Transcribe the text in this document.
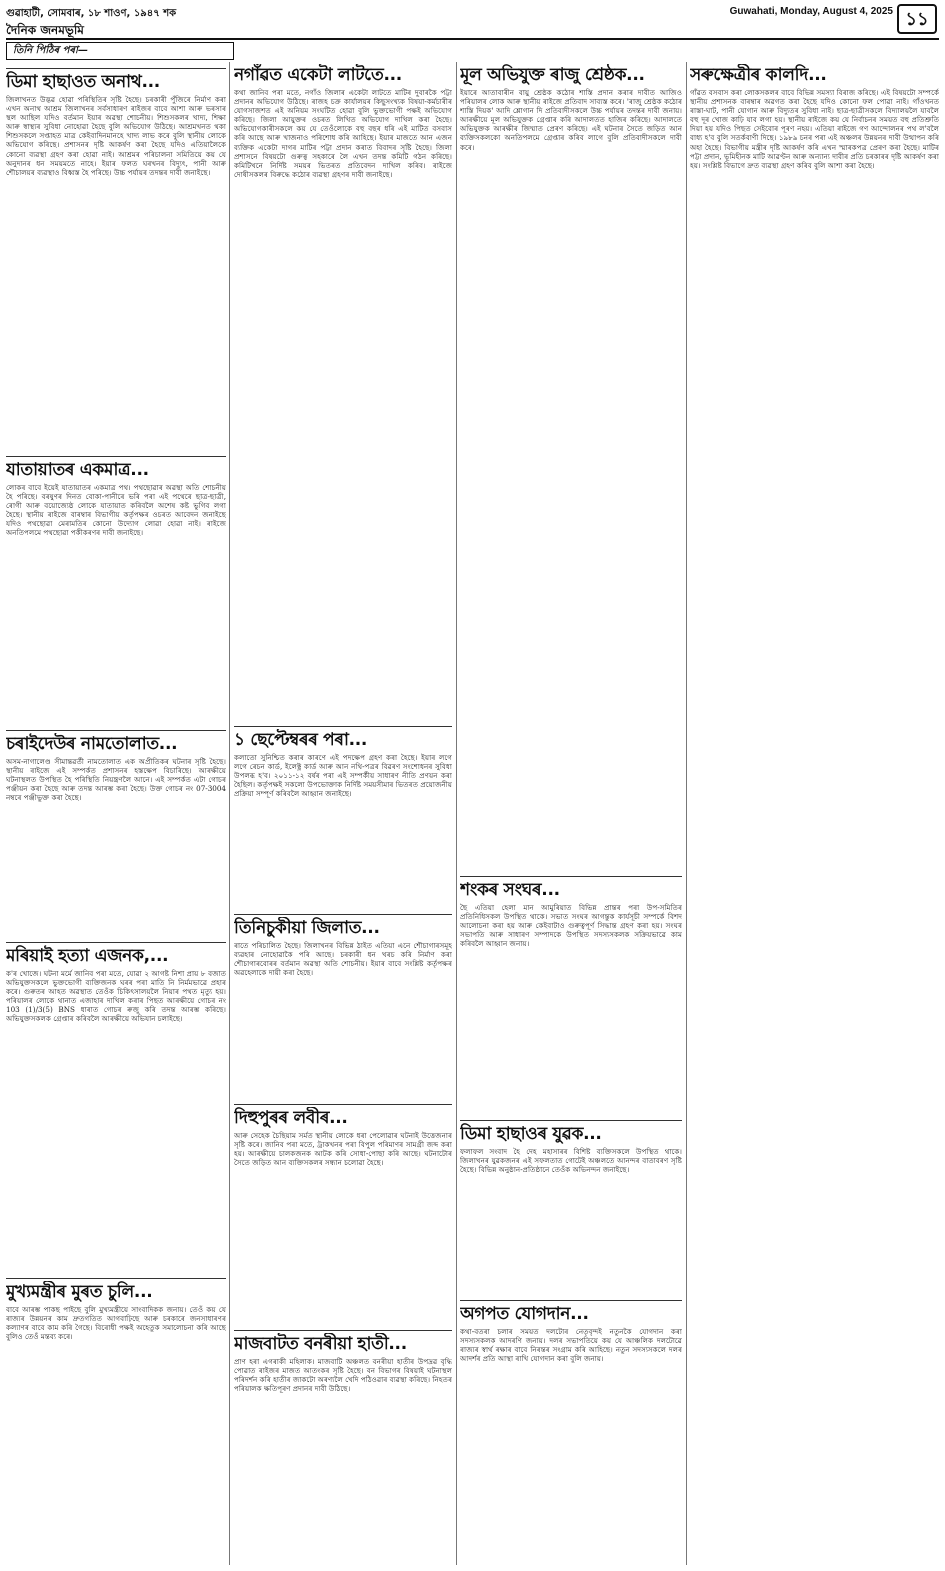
গুৱাহাটী, সোমবাৰ, ১৮ শাওণ, ১৯৪৭ শক
দৈনিক জনমভূমি
Guwahati, Monday, August 4, 2025 ১১
তিনি পিঠিৰ পৰা—
ডিমা হাছাওত অনাথ...

জিলাখনত উদ্ভৱ হোৱা পৰিস্থিতিৰ সৃষ্টি হৈছে। চৰকাৰী পুঁজিৰে নিৰ্মাণ কৰা এখন অনাথ আশ্ৰম জিলাখনৰ সৰ্বসাধাৰণ ৰাইজৰ বাবে আশা আৰু ভৰসাৰ স্থল আছিল যদিও বৰ্তমান ইয়াৰ অৱস্থা শোচনীয়। শিশুসকলৰ খাদ্য, শিক্ষা আৰু স্বাস্থ্যৰ সুবিধা নোহোৱা হৈছে বুলি অভিযোগ উঠিছে। আশ্ৰমখনত থকা শিশুসকলে সপ্তাহত মাত্ৰ কেইবাদিনমানহে খাদ্য লাভ কৰে বুলি স্থানীয় লোকে অভিযোগ কৰিছে। প্ৰশাসনৰ দৃষ্টি আকৰ্ষণ কৰা হৈছে যদিও এতিয়ালৈকে কোনো ব্যৱস্থা গ্ৰহণ কৰা হোৱা নাই। আশ্ৰমৰ পৰিচালনা সমিতিয়ে কয় যে অনুদানৰ ধন সময়মতে নাহে। ইয়াৰ ফলত ঘৰখনৰ বিদ্যুৎ, পানী আৰু শৌচালয়ৰ ব্যৱস্থাও বিধ্বস্ত হৈ পৰিছে। উচ্চ পৰ্যায়ৰ তদন্তৰ দাবী জনাইছে।

যাতায়াতৰ একমাত্ৰ...

লোকৰ বাবে ইয়েই যাতায়াতৰ একমাত্ৰ পথ। পথছোৱাৰ অৱস্থা অতি শোচনীয় হৈ পৰিছে। বৰষুণৰ দিনত বোকা-পানীৰে ভৰি পৰা এই পথেৰে ছাত্ৰ-ছাত্ৰী, ৰোগী আৰু বয়োজ্যেষ্ঠ লোকে যাতায়াত কৰিবলৈ অশেষ কষ্ট ভুগিব লগা হৈছে। স্থানীয় ৰাইজে বাৰম্বাৰ বিভাগীয় কৰ্তৃপক্ষৰ ওচৰত আবেদন জনাইছে যদিও পথছোৱা মেৰামতিৰ কোনো উদ্যোগ লোৱা হোৱা নাই। ৰাইজে অনতিপলমে পথছোৱা পকীকৰণৰ দাবী জনাইছে।

চৰাইদেউৰ নামতোলাত...

অসম-নাগালেণ্ড সীমান্তৱৰ্তী নামতোলাত এক অপ্ৰীতিকৰ ঘটনাৰ সৃষ্টি হৈছে। স্থানীয় ৰাইজে এই সম্পৰ্কত প্ৰশাসনৰ হস্তক্ষেপ বিচাৰিছে। আৰক্ষীয়ে ঘটনাস্থলত উপস্থিত হৈ পৰিস্থিতি নিয়ন্ত্ৰণলৈ আনে। এই সম্পৰ্কত এটা গোচৰ পঞ্জীয়ন কৰা হৈছে আৰু তদন্ত আৰম্ভ কৰা হৈছে। উক্ত গোচৰ নং 07-3004 নম্বৰে পঞ্জীভুক্ত কৰা হৈছে।

মৰিয়াই হত্যা এজনক,...

ক'ৰ খোজে। ঘটনা মৰ্মে জানিব পৰা মতে, যোৱা ২ আগষ্ট নিশা প্ৰায় ৮ বজাত অভিযুক্তসকলে ভুক্তভোগী ব্যক্তিজনক ঘৰৰ পৰা মাতি নি নিৰ্মমভাৱে প্ৰহাৰ কৰে। গুৰুতৰ আহত অৱস্থাত তেওঁক চিকিৎসালয়লৈ নিয়াৰ পথত মৃত্যু হয়। পৰিয়ালৰ লোকে থানাত এজাহাৰ দাখিল কৰাৰ পিছত আৰক্ষীয়ে গোচৰ নং 103 (1)/3(5) BNS ধাৰাত গোচৰ ৰুজু কৰি তদন্ত আৰম্ভ কৰিছে। অভিযুক্তসকলক গ্ৰেপ্তাৰ কৰিবলৈ আৰক্ষীয়ে অভিযান চলাইছে।

মুখ্যমন্ত্ৰীৰ মুৰত চুলি...

বাবে আৰম্ভ পাকছ পাইছে বুলি মুখ্যমন্ত্ৰীয়ে সাংবাদিকক জনায়। তেওঁ কয় যে ৰাজ্যৰ উন্নয়নৰ কাম দ্ৰুতগতিত আগবাঢ়িছে আৰু চৰকাৰে জনসাধাৰণৰ কল্যাণৰ বাবে কাম কৰি গৈছে। বিৰোধী পক্ষই অহেতুক সমালোচনা কৰি আছে বুলিও তেওঁ মন্তব্য কৰে।

নগাঁৱত একেটা লাটতে...

কথা জানিব পৰা মতে, নগাঁও জিলাৰ একেটা লাটতে মাটিৰ দুবাৰকৈ পট্টা প্ৰদানৰ অভিযোগ উঠিছে। ৰাজহ চক্ৰ কাৰ্যালয়ৰ কিছুসংখ্যক বিষয়া-কৰ্মচাৰীৰ যোগসাজশত এই অনিয়ম সংঘটিত হোৱা বুলি ভুক্তভোগী পক্ষই অভিযোগ কৰিছে। জিলা আয়ুক্তৰ ওচৰত লিখিত অভিযোগ দাখিল কৰা হৈছে। অভিযোগকাৰীসকলে কয় যে তেওঁলোকে বহু বছৰ ধৰি এই মাটিত বসবাস কৰি আছে আৰু খাজনাও পৰিশোধ কৰি আহিছে। ইয়াৰ মাজতে আন এজন ব্যক্তিক একেটা দাগৰ মাটিৰ পট্টা প্ৰদান কৰাত বিবাদৰ সৃষ্টি হৈছে। জিলা প্ৰশাসনে বিষয়টো গুৰুত্ব সহকাৰে লৈ এখন তদন্ত কমিটি গঠন কৰিছে। কমিটিখনে নিৰ্দিষ্ট সময়ৰ ভিতৰত প্ৰতিবেদন দাখিল কৰিব। ৰাইজে দোষীসকলৰ বিৰুদ্ধে কঠোৰ ব্যৱস্থা গ্ৰহণৰ দাবী জনাইছে।

১ ছেপ্টেম্বৰৰ পৰা...

কলাতো সুনিশ্চিত কৰাৰ কাৰণে এই পদক্ষেপ গ্ৰহণ কৰা হৈছে। ইয়াৰ লগে লগে ৰেচন কাৰ্ড, ইলেক্ট্ৰ কাৰ্ড আৰু আন নথি-পত্ৰৰ বিৱৰণ সংশোধনৰ সুবিধা উপলব্ধ হ'ব। ২০১১-১২ বৰ্ষৰ পৰা এই সম্পৰ্কীয় সাধাৰণ নীতি প্ৰণয়ন কৰা হৈছিল। কৰ্তৃপক্ষই সকলো উপভোক্তাক নিৰ্দিষ্ট সময়সীমাৰ ভিতৰত প্ৰয়োজনীয় প্ৰক্ৰিয়া সম্পূৰ্ণ কৰিবলৈ আহ্বান জনাইছে।

তিনিচুকীয়া জিলাত...

ৰাতে পৰিচালিত হৈছে। জিলাখনৰ বিভিন্ন ঠাইত এতিয়া এনে শৌচাগাৰসমূহ ব্যৱহাৰ নোহোৱাকৈ পৰি আছে। চৰকাৰী ধন খৰচ কৰি নিৰ্মাণ কৰা শৌচাগাৰবোৰৰ বৰ্তমান অৱস্থা অতি শোচনীয়। ইয়াৰ বাবে সংশ্লিষ্ট কৰ্তৃপক্ষৰ অৱহেলাকে দায়ী কৰা হৈছে।

দিহুপুৰৰ লবীৰ...

আৰু সেহেক চৈছিয়াম সৰ্মত স্থানীয় লোকে ধৰা পেলোৱাৰ ঘটনাই উত্তেজনাৰ সৃষ্টি কৰে। জানিব পৰা মতে, ট্ৰাকখনৰ পৰা বিপুল পৰিমাণৰ সামগ্ৰী জব্দ কৰা হয়। আৰক্ষীয়ে চালকজনক আটক কৰি সোধা-পোছা কৰি আছে। ঘটনাটোৰ সৈতে জড়িত আন ব্যক্তিসকলৰ সন্ধান চলোৱা হৈছে।

মাজবাটত বনৰীয়া হাতী...

প্ৰাণ হৰা এগৰাকী মহিলাক। মাজবাটি অঞ্চলত বনৰীয়া হাতীৰ উপদ্ৰৱ বৃদ্ধি পোৱাত ৰাইজৰ মাজত আতংকৰ সৃষ্টি হৈছে। বন বিভাগৰ বিষয়াই ঘটনাস্থল পৰিদৰ্শন কৰি হাতীৰ জাকটো অৰণ্যলৈ খেদি পঠিওৱাৰ ব্যৱস্থা কৰিছে। নিহতৰ পৰিয়ালক ক্ষতিপূৰণ প্ৰদানৰ দাবী উঠিছে।

মূল অভিযুক্ত ৰাজু শ্ৰেষ্ঠক...

ইয়াৰে আতাবাৰীন বায়ু শ্ৰেষ্ঠক কঠোৰ শাস্তি প্ৰদান কৰাৰ দাবীত আজিও পৰিয়ালৰ লোক আৰু স্থানীয় ৰাইজে প্ৰতিবাদ সাব্যস্ত কৰে। 'ৰাজু শ্ৰেষ্ঠক কঠোৰ শাস্তি দিয়ক' আদি শ্লোগান দি প্ৰতিবাদীসকলে উচ্চ পৰ্যায়ৰ তদন্তৰ দাবী জনায়। আৰক্ষীয়ে মূল অভিযুক্তক গ্ৰেপ্তাৰ কৰি আদালতত হাজিৰ কৰিছে। আদালতে অভিযুক্তক আৰক্ষীৰ জিম্মাত প্ৰেৰণ কৰিছে। এই ঘটনাৰ সৈতে জড়িত আন ব্যক্তিসকলকো অনতিপলমে গ্ৰেপ্তাৰ কৰিব লাগে বুলি প্ৰতিবাদীসকলে দাবী কৰে।

শংকৰ সংঘৰ...

ছৈ এতিয়া হেলা মান আমুৰিয়াত বিভিন্ন প্ৰান্তৰ পৰা উপ-সমিতিৰ প্ৰতিনিধিসকল উপস্থিত থাকে। সভাত সংঘৰ আগন্তুক কাৰ্যসূচী সম্পৰ্কে বিশদ আলোচনা কৰা হয় আৰু কেইবাটাও গুৰুত্বপূৰ্ণ সিদ্ধান্ত গ্ৰহণ কৰা হয়। সংঘৰ সভাপতি আৰু সাধাৰণ সম্পাদকে উপস্থিত সদস্যসকলক সক্ৰিয়ভাৱে কাম কৰিবলৈ আহ্বান জনায়।

ডিমা হাছাওৰ যুৱক...

ফলাফল সংবাদ হৈ দেহ মহাসাৰৰ বিশিষ্ট ব্যক্তিসকলে উপস্থিত থাকে। জিলাখনৰ যুৱকজনৰ এই সফলতাত গোটেই অঞ্চলতে আনন্দৰ বাতাবৰণ সৃষ্টি হৈছে। বিভিন্ন অনুষ্ঠান-প্ৰতিষ্ঠানে তেওঁক অভিনন্দন জনাইছে।

অগপত যোগদান...

কথা-বতৰা চলাৰ সময়ত দলটোৰ নেতৃবৃন্দই নতুনকৈ যোগদান কৰা সদস্যসকলক আদৰণি জনায়। দলৰ সভাপতিয়ে কয় যে আঞ্চলিক দলটোৱে ৰাজ্যৰ স্বাৰ্থ ৰক্ষাৰ বাবে নিৰন্তৰ সংগ্ৰাম কৰি আহিছে। নতুন সদস্যসকলে দলৰ আদৰ্শৰ প্ৰতি আস্থা ৰাখি যোগদান কৰা বুলি জনায়।

সৰুক্ষেত্ৰীৰ কালদি...

গাঁৱত বসবাস কৰা লোকসকলৰ বাবে বিভিন্ন সমস্যা বিৰাজ কৰিছে। এই বিষয়টো সম্পৰ্কে স্থানীয় প্ৰশাসনক বাৰম্বাৰ অৱগত কৰা হৈছে যদিও কোনো ফল পোৱা নাই। গাঁওখনত ৰাস্তা-ঘাট, পানী যোগান আৰু বিদ্যুতৰ সুবিধা নাই। ছাত্ৰ-ছাত্ৰীসকলে বিদ্যালয়লৈ যাবলৈ বহু দূৰ খোজ কাঢ়ি যাব লগা হয়। স্থানীয় ৰাইজে কয় যে নিৰ্বাচনৰ সময়ত বহু প্ৰতিশ্ৰুতি দিয়া হয় যদিও পিছত সেইবোৰ পূৰণ নহয়। এতিয়া ৰাইজে গণ আন্দোলনৰ পথ ল'বলৈ বাধ্য হ'ব বুলি সতৰ্কবাণী দিছে। ১৯৮৯ চনৰ পৰা এই অঞ্চলৰ উন্নয়নৰ দাবী উত্থাপন কৰি অহা হৈছে। বিভাগীয় মন্ত্ৰীৰ দৃষ্টি আকৰ্ষণ কৰি এখন স্মাৰকপত্ৰ প্ৰেৰণ কৰা হৈছে। মাটিৰ পট্টা প্ৰদান, ভূমিহীনক মাটি আৱণ্টন আৰু অন্যান্য দাবীৰ প্ৰতি চৰকাৰৰ দৃষ্টি আকৰ্ষণ কৰা হয়। সংশ্লিষ্ট বিভাগে দ্ৰুত ব্যৱস্থা গ্ৰহণ কৰিব বুলি আশা কৰা হৈছে।
